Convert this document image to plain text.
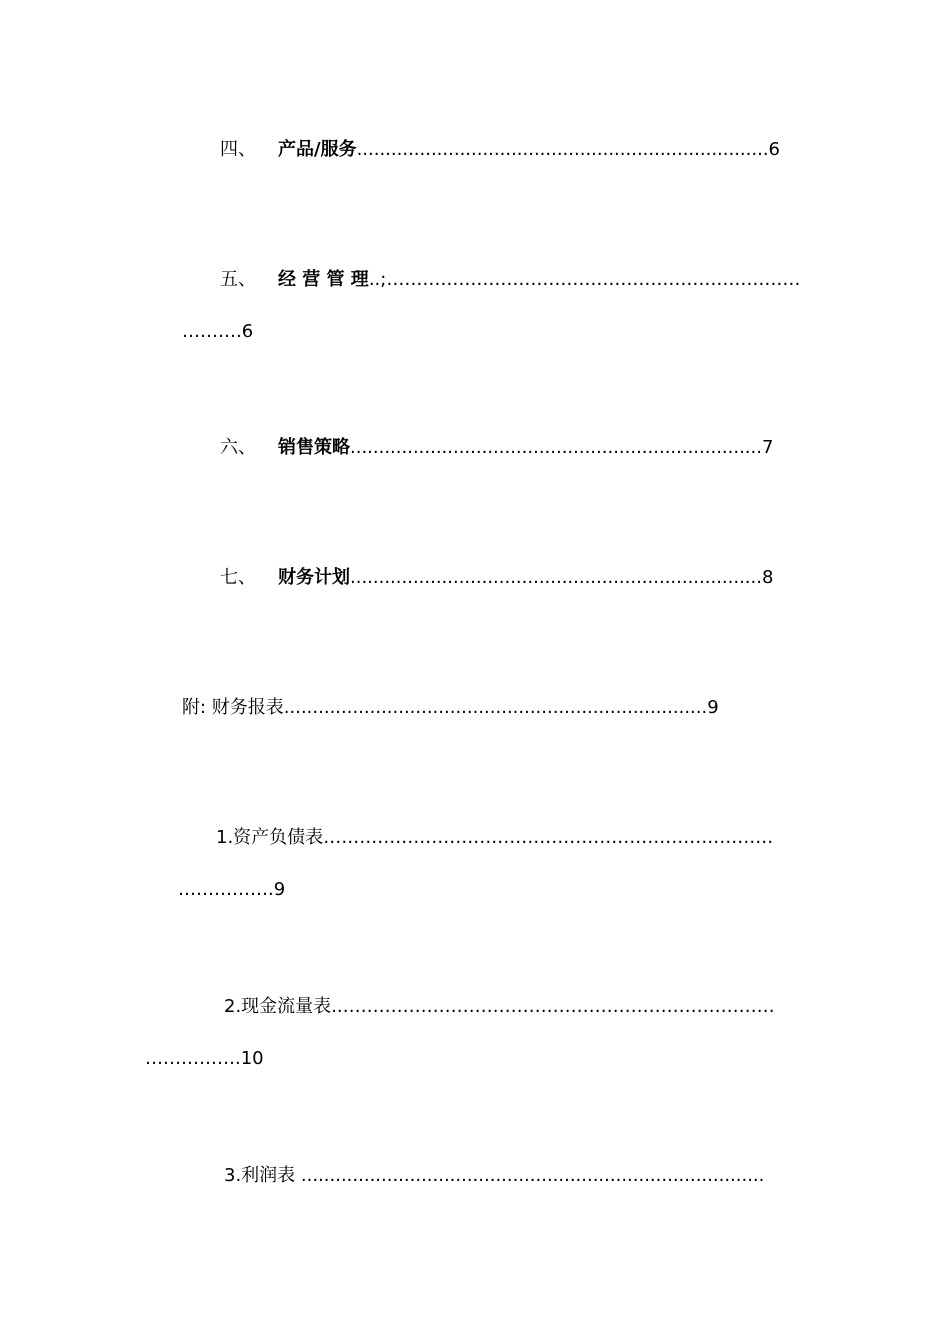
四、 产品/服务........................................................................6
五、 经 营 管 理..;……………………………………………………………
……….6
六、 销售策略........................................................................7
七、 财务计划........................................................................8
附: 财务报表..........................................................................9
1.资产负债表…………………………………………………………………
…………….9
2.现金流量表..………………………………………………………………
…………….10
3.利润表 .................................................................................
